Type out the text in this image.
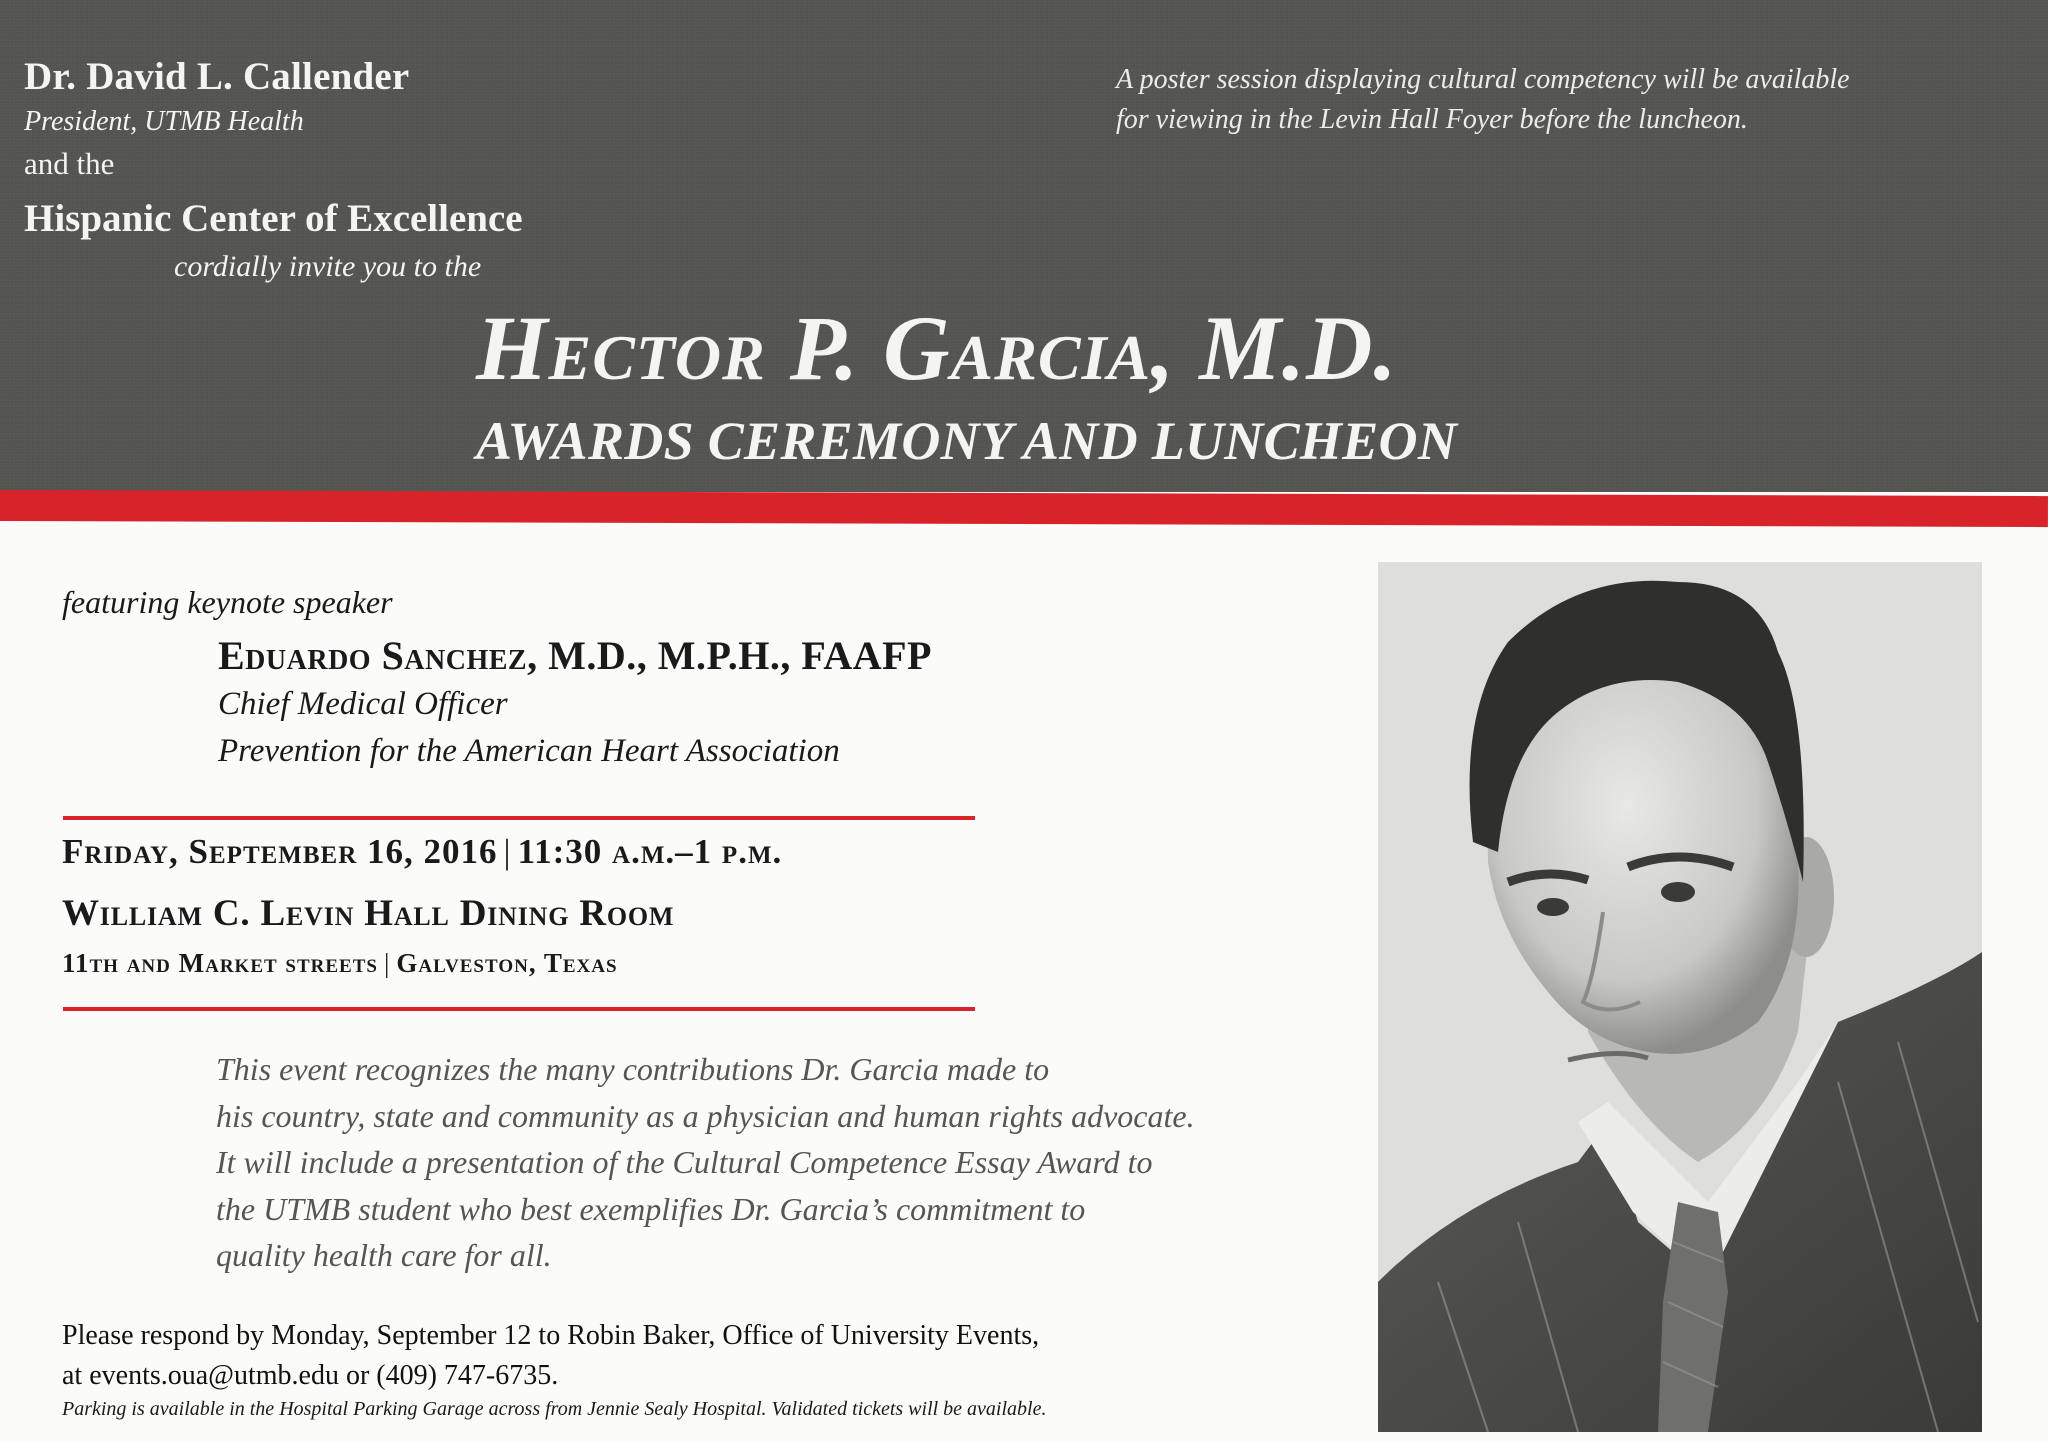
Dr. David L. Callender
President, UTMB Health
and the
Hispanic Center of Excellence
cordially invite you to the
A poster session displaying cultural competency will be available
for viewing in the Levin Hall Foyer before the luncheon.
Hector P. Garcia, M.D.
AWARDS CEREMONY AND LUNCHEON
featuring keynote speaker
Eduardo Sanchez, M.D., M.P.H., FAAFP
Chief Medical Officer
Prevention for the American Heart Association
Friday, September 16, 2016 | 11:30 a.m.–1 p.m.
William C. Levin Hall Dining Room
11th and Market streets | Galveston, Texas
This event recognizes the many contributions Dr. Garcia made to
his country, state and community as a physician and human rights advocate.
It will include a presentation of the Cultural Competence Essay Award to
the UTMB student who best exemplifies Dr. Garcia’s commitment to
quality health care for all.
Please respond by Monday, September 12 to Robin Baker, Office of University Events,
at events.oua@utmb.edu or (409) 747-6735.
Parking is available in the Hospital Parking Garage across from Jennie Sealy Hospital. Validated tickets will be available.
